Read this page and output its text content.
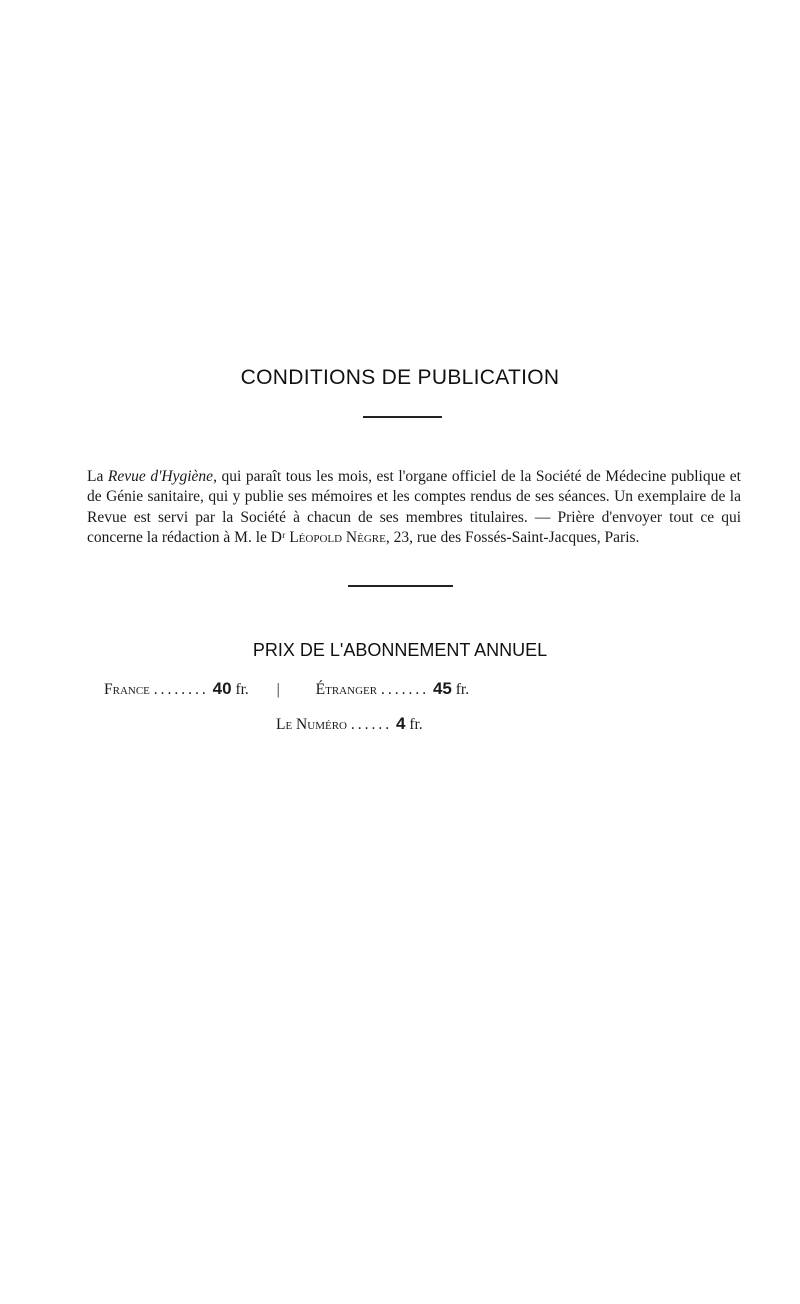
CONDITIONS DE PUBLICATION

La Revue d'Hygiène, qui paraît tous les mois, est l'organe officiel de la Société de Médecine publique et de Génie sanitaire, qui y publie ses mémoires et les comptes rendus de ses séances. Un exemplaire de la Revue est servi par la Société à chacun de ses membres titulaires. — Prière d'envoyer tout ce qui concerne la rédaction à M. le Dʳ Léopold Nègre, 23, rue des Fossés-Saint-Jacques, Paris.

PRIX DE L'ABONNEMENT ANNUEL
France ........ 40 fr. | Étranger ....... 45 fr.
Le Numéro ...... 4 fr.
